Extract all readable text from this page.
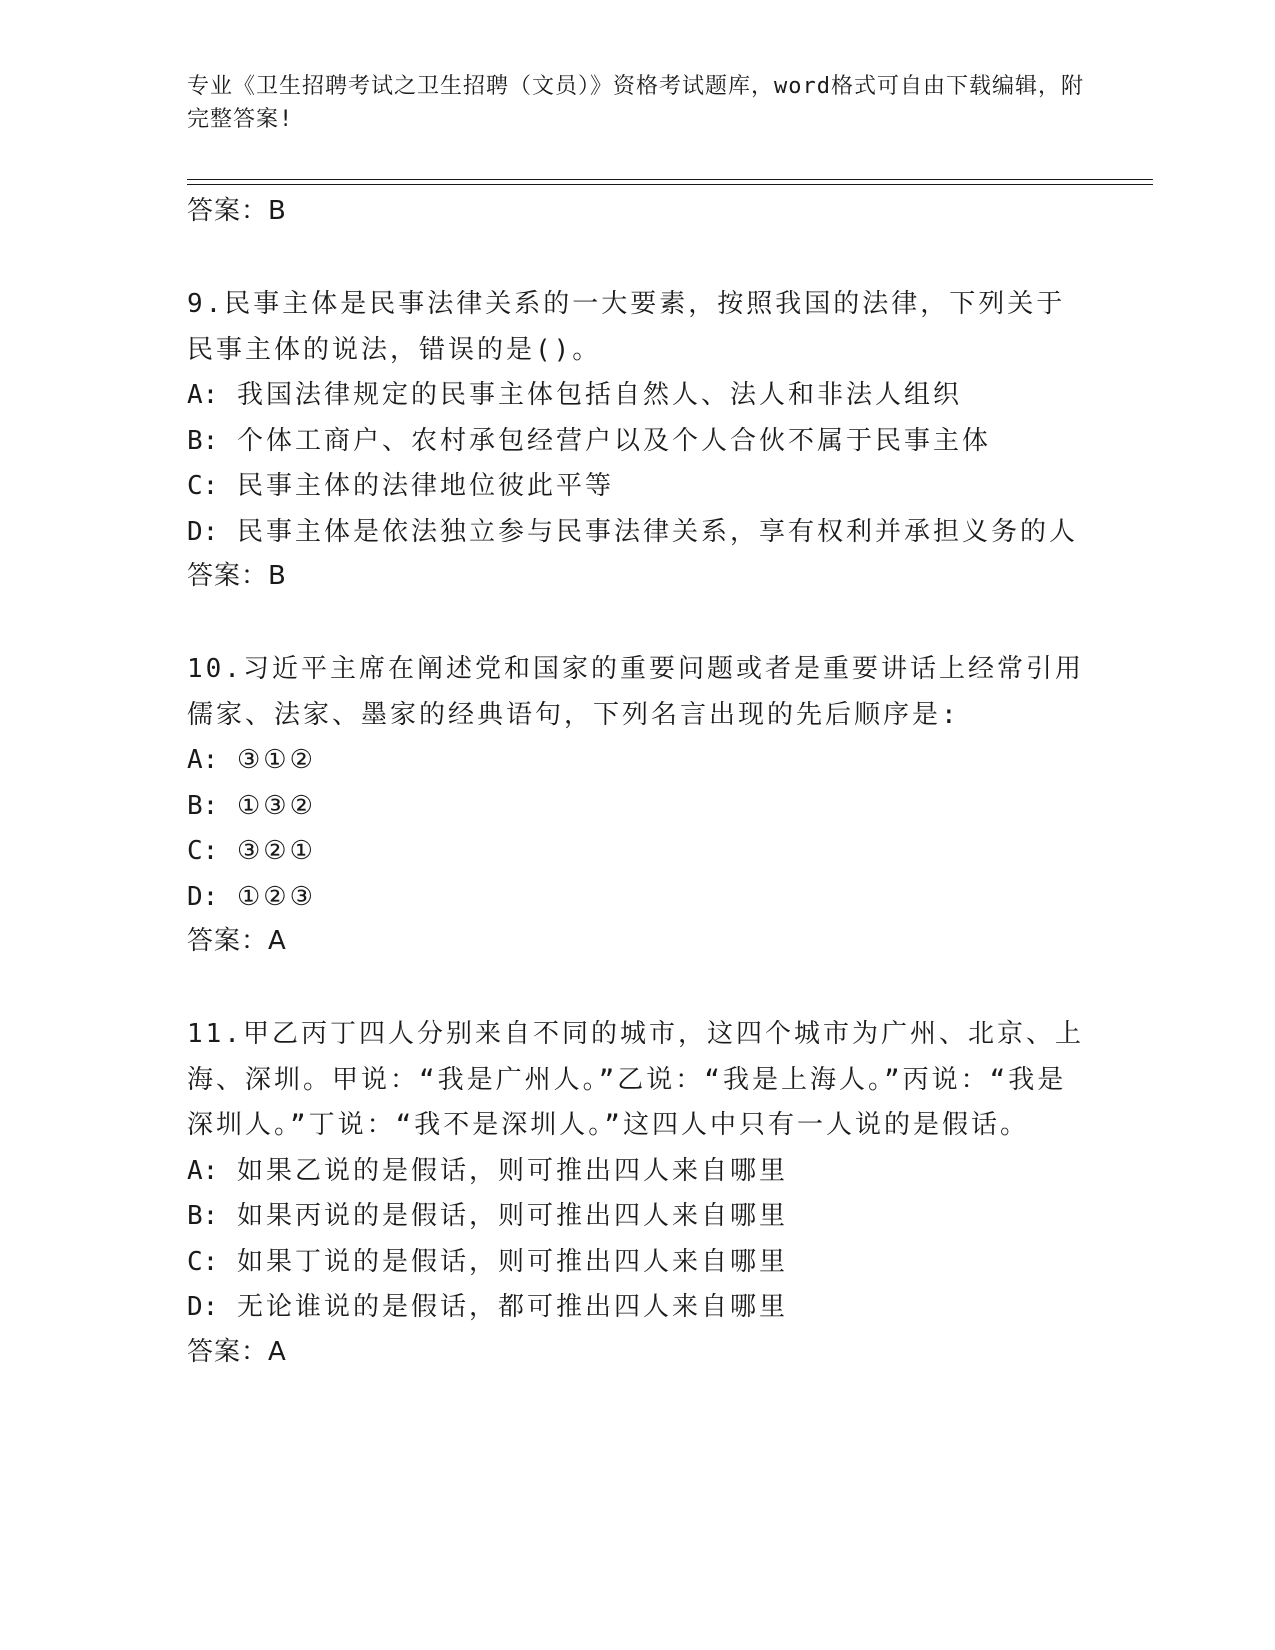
专业《卫生招聘考试之卫生招聘（文员）》资格考试题库，word格式可自由下载编辑，附完整答案!
答案：B
9.民事主体是民事法律关系的一大要素，按照我国的法律，下列关于民事主体的说法，错误的是()。
A: 我国法律规定的民事主体包括自然人、法人和非法人组织
B: 个体工商户、农村承包经营户以及个人合伙不属于民事主体
C: 民事主体的法律地位彼此平等
D: 民事主体是依法独立参与民事法律关系，享有权利并承担义务的人
答案：B
10.习近平主席在阐述党和国家的重要问题或者是重要讲话上经常引用儒家、法家、墨家的经典语句，下列名言出现的先后顺序是:
A: ③①②
B: ①③②
C: ③②①
D: ①②③
答案：A
11.甲乙丙丁四人分别来自不同的城市，这四个城市为广州、北京、上海、深圳。甲说：“我是广州人。”乙说：“我是上海人。”丙说：“我是深圳人。”丁说：“我不是深圳人。”这四人中只有一人说的是假话。
A: 如果乙说的是假话，则可推出四人来自哪里
B: 如果丙说的是假话，则可推出四人来自哪里
C: 如果丁说的是假话，则可推出四人来自哪里
D: 无论谁说的是假话，都可推出四人来自哪里
答案：A
